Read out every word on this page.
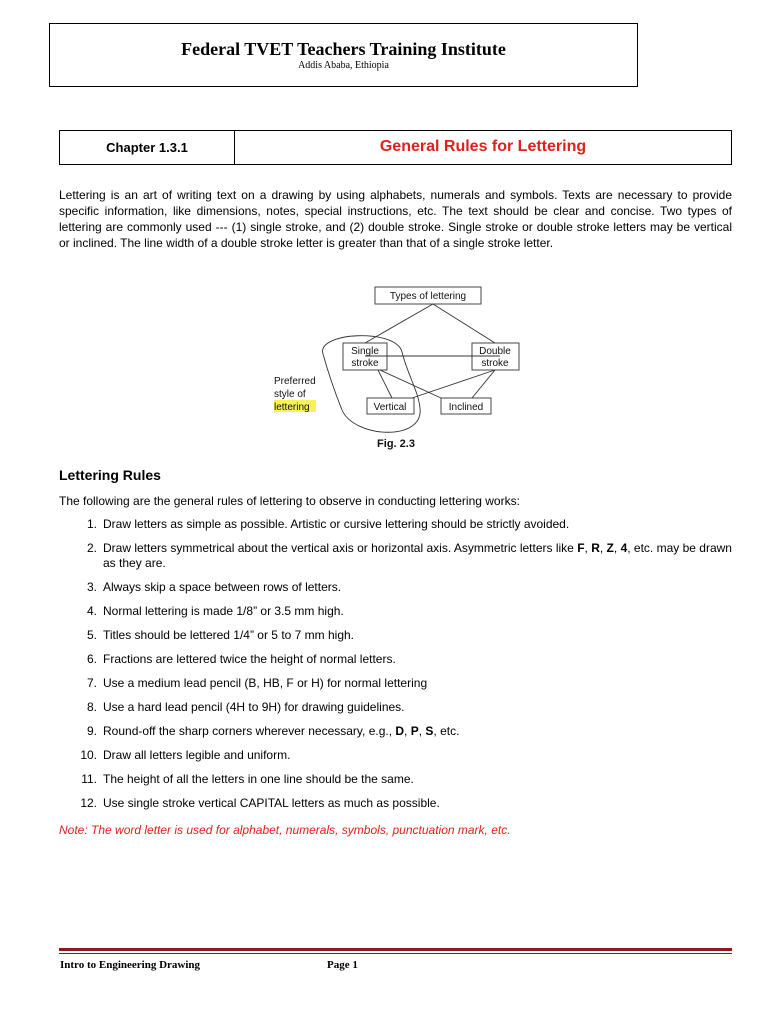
Federal TVET Teachers Training Institute
Addis Ababa, Ethiopia
Chapter 1.3.1	General Rules for Lettering

Lettering is an art of writing text on a drawing by using alphabets, numerals and symbols. Texts are necessary to provide specific information, like dimensions, notes, special instructions, etc. The text should be clear and concise. Two types of lettering are commonly used --- (1) single stroke, and (2) double stroke. Single stroke or double stroke letters may be vertical or inclined. The line width of a double stroke letter is greater than that of a single stroke letter.

Types of lettering
Single
stroke
Double
stroke
Vertical	Inclined
Preferred
style of
lettering
Fig. 2.3
Lettering Rules

The following are the general rules of lettering to observe in conducting lettering works:

1. Draw letters as simple as possible. Artistic or cursive lettering should be strictly avoided.
2. Draw letters symmetrical about the vertical axis or horizontal axis. Asymmetric letters like F, R, Z, 4, etc. may be drawn as they are.
3. Always skip a space between rows of letters.
4. Normal lettering is made 1/8” or 3.5 mm high.
5. Titles should be lettered 1/4” or 5 to 7 mm high.
6. Fractions are lettered twice the height of normal letters.
7. Use a medium lead pencil (B, HB, F or H) for normal lettering
8. Use a hard lead pencil (4H to 9H) for drawing guidelines.
9. Round-off the sharp corners wherever necessary, e.g., D, P, S, etc.
10. Draw all letters legible and uniform.
11. The height of all the letters in one line should be the same.
12. Use single stroke vertical CAPITAL letters as much as possible.

Note: The word letter is used for alphabet, numerals, symbols, punctuation mark, etc.

Intro to Engineering Drawing	Page 1
